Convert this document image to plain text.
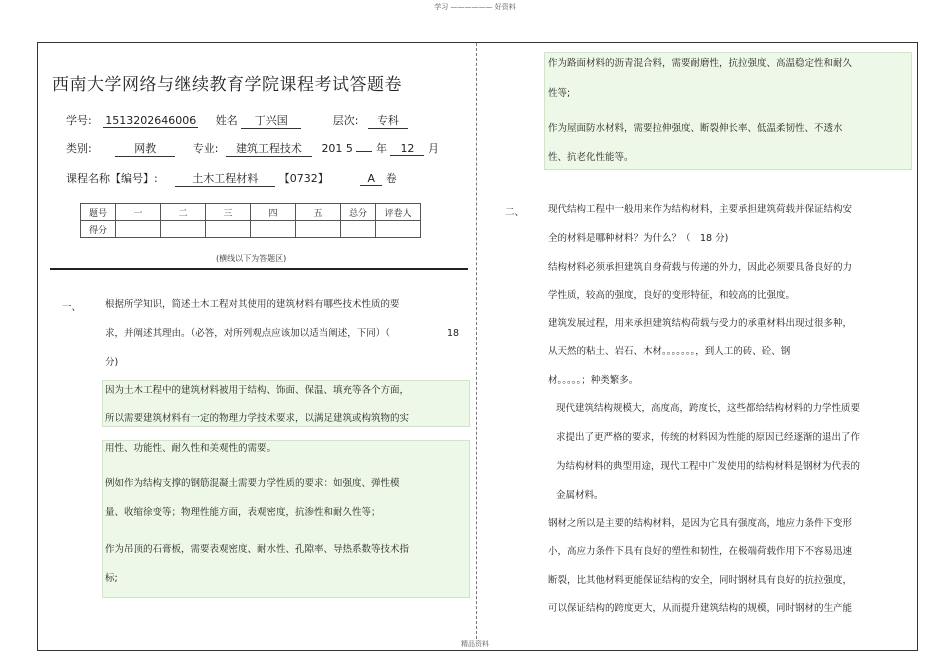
学习 —————— 好资料
西南大学网络与继续教育学院课程考试答题卷
学号: 1513202646006 姓名 丁兴国	层次: 专科
类别:	网教	专业: 建筑工程技术 201 5 年 12 月
课程名称【编号】:	土木工程材料 【0732】	A 卷
题号	一	二	三	四	五	总分	评卷人
得分							
(横线以下为答题区)
一、	根据所学知识，简述土木工程对其使用的建筑材料有哪些技术性质的要
求，并阐述其理由。（必答，对所列观点应该加以适当阐述，下同）（	18
分)
因为土木工程中的建筑材料被用于结构、饰面、保温、填充等各个方面，
所以需要建筑材料有一定的物理力学技术要求，以满足建筑或构筑物的实
用性、功能性、耐久性和美观性的需要。
例如作为结构支撑的钢筋混凝土需要力学性质的要求：如强度、弹性模
量、收缩徐变等；物理性能方面，表观密度，抗渗性和耐久性等；
作为吊顶的石膏板，需要表观密度、耐水性、孔隙率、导热系数等技术指
标;
作为路面材料的沥青混合料，需要耐磨性，抗拉强度、高温稳定性和耐久
性等;
作为屋面防水材料，需要拉伸强度、断裂伸长率、低温柔韧性、不透水
性、抗老化性能等。
二、	现代结构工程中一般用来作为结构材料，主要承担建筑荷载并保证结构安
全的材料是哪种材料？为什么？（　18 分)
结构材料必须承担建筑自身荷载与传递的外力，因此必须要具备良好的力
学性质，较高的强度，良好的变形特征，和较高的比强度。
建筑发展过程，用来承担建筑结构荷载与受力的承重材料出现过很多种，
从天然的粘土、岩石、木材。。。。。。。，到人工的砖、砼、钢
材。。。。。；种类繁多。
现代建筑结构规模大，高度高，跨度长，这些都给结构材料的力学性质要
求提出了更严格的要求，传统的材料因为性能的原因已经逐渐的退出了作
为结构材料的典型用途，现代工程中广发使用的结构材料是钢材为代表的
金属材料。
钢材之所以是主要的结构材料，是因为它具有强度高，地应力条件下变形
小，高应力条件下具有良好的塑性和韧性，在极端荷载作用下不容易迅速
断裂，比其他材料更能保证结构的安全，同时钢材具有良好的抗拉强度，
可以保证结构的跨度更大，从而提升建筑结构的规模，同时钢材的生产能
精品资料
